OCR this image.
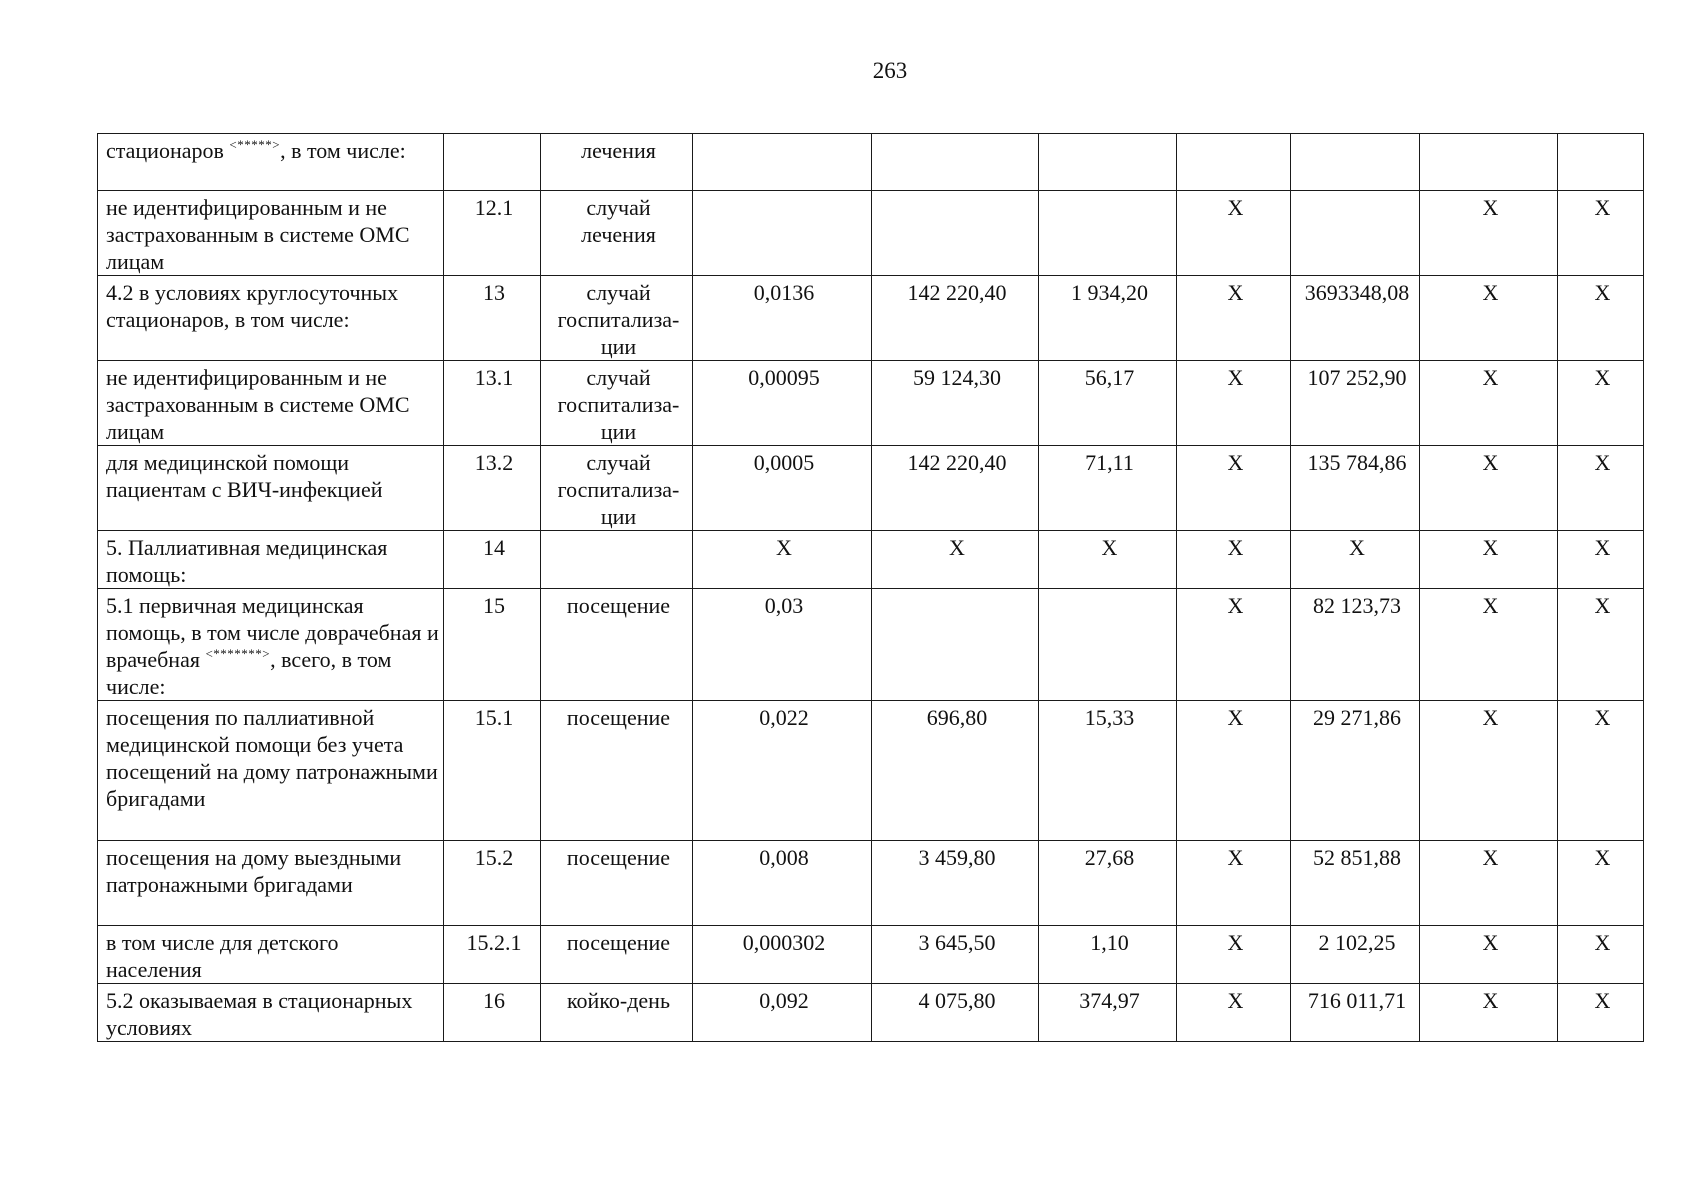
263
стационаров <*****>, в том числе:		лечения							
не идентифицированным и не застрахованным в системе ОМС лицам	12.1	случай лечения				X		X	X
4.2 в условиях круглосуточных стационаров, в том числе:	13	случай госпитализа-ции	0,0136	142 220,40	1 934,20	X	3693348,08	X	X
не идентифицированным и не застрахованным в системе ОМС лицам	13.1	случай госпитализа-ции	0,00095	59 124,30	56,17	X	107 252,90	X	X
для медицинской помощи пациентам с ВИЧ-инфекцией	13.2	случай госпитализа-ции	0,0005	142 220,40	71,11	X	135 784,86	X	X
5. Паллиативная медицинская помощь:	14		X	X	X	X	X	X	X
5.1 первичная медицинская помощь, в том числе доврачебная и врачебная <*******>, всего, в том числе:	15	посещение	0,03			X	82 123,73	X	X
посещения по паллиативной медицинской помощи без учета посещений на дому патронажными бригадами	15.1	посещение	0,022	696,80	15,33	X	29 271,86	X	X
посещения на дому выездными патронажными бригадами	15.2	посещение	0,008	3 459,80	27,68	X	52 851,88	X	X
в том числе для детского населения	15.2.1	посещение	0,000302	3 645,50	1,10	X	2 102,25	X	X
5.2 оказываемая в стационарных условиях	16	койко-день	0,092	4 075,80	374,97	X	716 011,71	X	X
